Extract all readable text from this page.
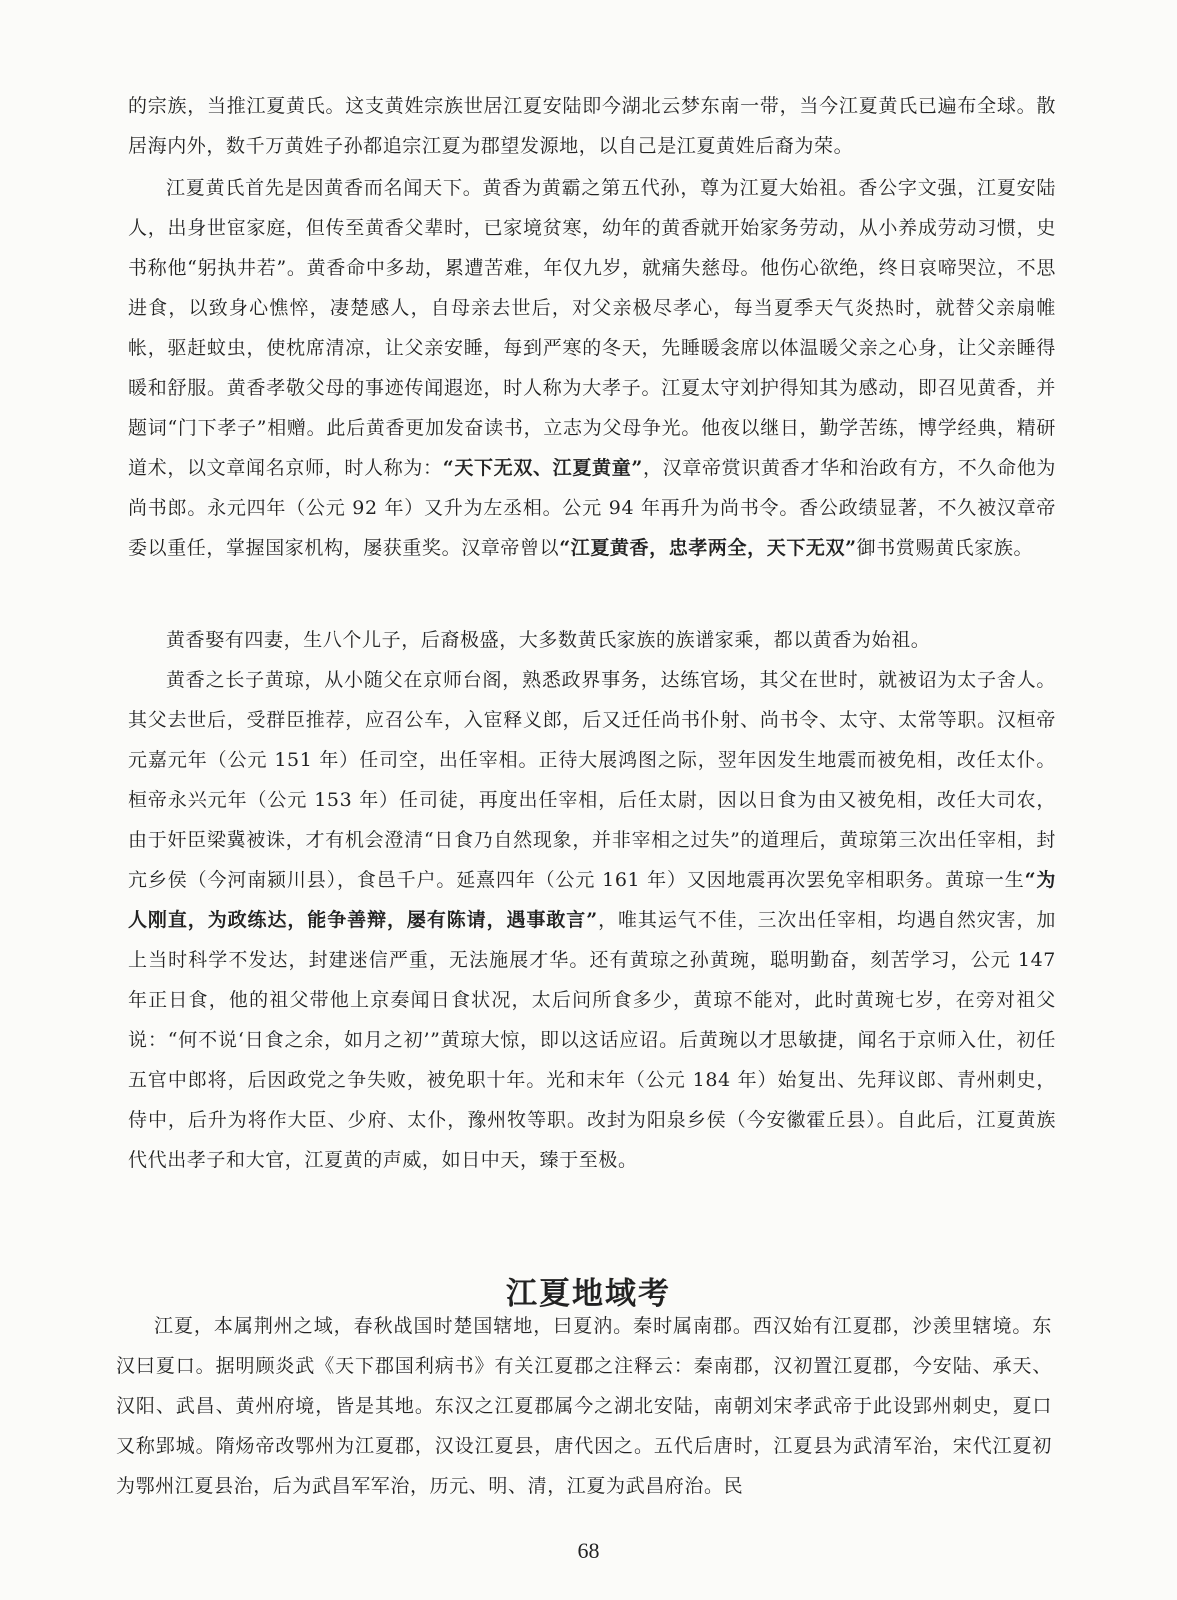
的宗族，当推江夏黄氏。这支黄姓宗族世居江夏安陆即今湖北云梦东南一带，当今江夏黄氏已遍布全球。散居海内外，数千万黄姓子孙都追宗江夏为郡望发源地，以自己是江夏黄姓后裔为荣。

江夏黄氏首先是因黄香而名闻天下。黄香为黄霸之第五代孙，尊为江夏大始祖。香公字文强，江夏安陆人，出身世宦家庭，但传至黄香父辈时，已家境贫寒，幼年的黄香就开始家务劳动，从小养成劳动习惯，史书称他“躬执井若”。黄香命中多劫，累遭苦难，年仅九岁，就痛失慈母。他伤心欲绝，终日哀啼哭泣，不思进食，以致身心憔悴，凄楚感人，自母亲去世后，对父亲极尽孝心，每当夏季天气炎热时，就替父亲扇帷帐，驱赶蚊虫，使枕席清凉，让父亲安睡，每到严寒的冬天，先睡暖衾席以体温暖父亲之心身，让父亲睡得暖和舒服。黄香孝敬父母的事迹传闻遐迩，时人称为大孝子。江夏太守刘护得知其为感动，即召见黄香，并题词“门下孝子”相赠。此后黄香更加发奋读书，立志为父母争光。他夜以继日，勤学苦练，博学经典，精研道术，以文章闻名京师，时人称为：“天下无双、江夏黄童”，汉章帝赏识黄香才华和治政有方，不久命他为尚书郎。永元四年（公元 92 年）又升为左丞相。公元 94 年再升为尚书令。香公政绩显著，不久被汉章帝委以重任，掌握国家机构，屡获重奖。汉章帝曾以“江夏黄香，忠孝两全，天下无双”御书赏赐黄氏家族。

黄香娶有四妻，生八个儿子，后裔极盛，大多数黄氏家族的族谱家乘，都以黄香为始祖。

黄香之长子黄琼，从小随父在京师台阁，熟悉政界事务，达练官场，其父在世时，就被诏为太子舍人。其父去世后，受群臣推荐，应召公车，入宦释义郎，后又迁任尚书仆射、尚书令、太守、太常等职。汉桓帝元嘉元年（公元 151 年）任司空，出任宰相。正待大展鸿图之际，翌年因发生地震而被免相，改任太仆。桓帝永兴元年（公元 153 年）任司徒，再度出任宰相，后任太尉，因以日食为由又被免相，改任大司农，由于奸臣梁冀被诛，才有机会澄清“日食乃自然现象，并非宰相之过失”的道理后，黄琼第三次出任宰相，封亢乡侯（今河南颍川县），食邑千户。延熹四年（公元 161 年）又因地震再次罢免宰相职务。黄琼一生“为人刚直，为政练达，能争善辩，屡有陈请，遇事敢言”，唯其运气不佳，三次出任宰相，均遇自然灾害，加上当时科学不发达，封建迷信严重，无法施展才华。还有黄琼之孙黄琬，聪明勤奋，刻苦学习，公元 147 年正日食，他的祖父带他上京奏闻日食状况，太后问所食多少，黄琼不能对，此时黄琬七岁，在旁对祖父说：“何不说‘日食之余，如月之初’”黄琼大惊，即以这话应诏。后黄琬以才思敏捷，闻名于京师入仕，初任五官中郎将，后因政党之争失败，被免职十年。光和末年（公元 184 年）始复出、先拜议郎、青州刺史，侍中，后升为将作大臣、少府、太仆，豫州牧等职。改封为阳泉乡侯（今安徽霍丘县）。自此后，江夏黄族代代出孝子和大官，江夏黄的声威，如日中天，臻于至极。

江夏地域考

江夏，本属荆州之域，春秋战国时楚国辖地，曰夏汭。秦时属南郡。西汉始有江夏郡，沙羡里辖境。东汉曰夏口。据明顾炎武《天下郡国利病书》有关江夏郡之注释云：秦南郡，汉初置江夏郡，今安陆、承天、汉阳、武昌、黄州府境，皆是其地。东汉之江夏郡属今之湖北安陆，南朝刘宋孝武帝于此设郢州刺史，夏口又称郢城。隋炀帝改鄂州为江夏郡，汉设江夏县，唐代因之。五代后唐时，江夏县为武清军治，宋代江夏初为鄂州江夏县治，后为武昌军军治，历元、明、清，江夏为武昌府治。民

68
